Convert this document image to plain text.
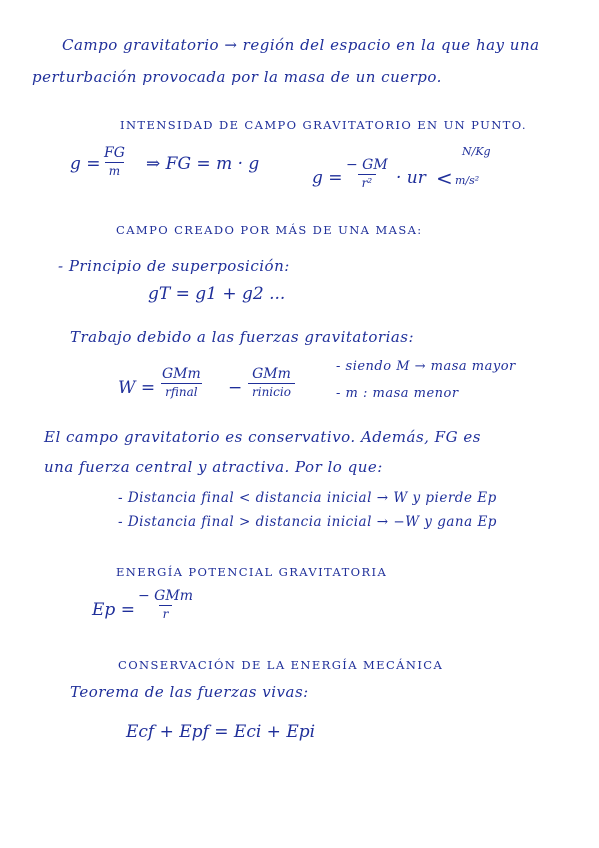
Campo gravitatorio → región del espacio en la que hay una
perturbación provocada por la masa de un cuerpo.
INTENSIDAD DE CAMPO GRAVITATORIO EN UN PUNTO.
$g = \frac{FG}{m}$ ⇒ FG = m · g
$g = \frac{- GM}{\text{r²}}$ · ur <
N/Kg
m/s²
CAMPO CREADO POR MÁS DE UNA MASA:
- Principio de superposición:
gT = g1 + g2 ...
Trabajo debido a las fuerzas gravitatorias:
W =
GMm
rfinal −
GMm
rinicio
- siendo M → masa mayor
- m : masa menor
El campo gravitatorio es conservativo. Además, FG es
una fuerza central y atractiva. Por lo que:
- Distancia final < distancia inicial → W y pierde Ep
- Distancia final > distancia inicial → −W y gana Ep
ENERGÍA POTENCIAL GRAVITATORIA
Ep =
− GMm
r
CONSERVACIÓN DE LA ENERGÍA MECÁNICA
Teorema de las fuerzas vivas:
Ecf + Epf = Eci + Epi
